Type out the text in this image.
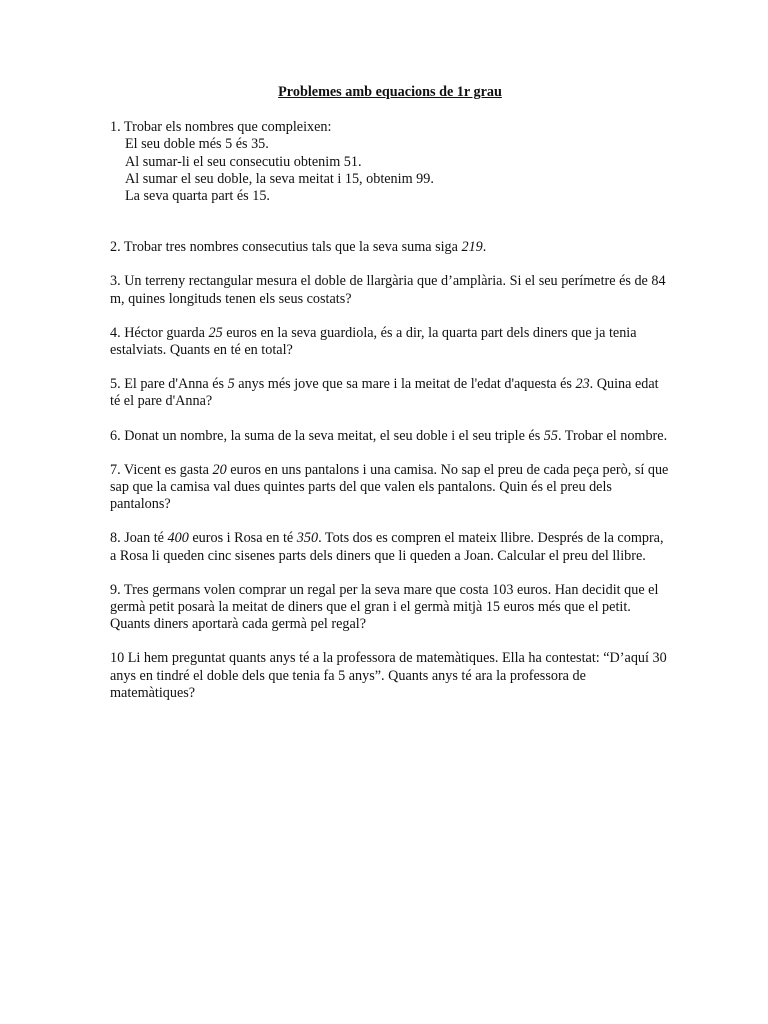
Problemes amb equacions de 1r grau

1. Trobar els nombres que compleixen:

El seu doble més 5 és 35.
Al sumar-li el seu consecutiu obtenim 51.
Al sumar el seu doble, la seva meitat i 15, obtenim 99.
La seva quarta part és 15.

2. Trobar tres nombres consecutius tals que la seva suma siga 219.

3. Un terreny rectangular mesura el doble de llargària que d’amplària. Si el seu perímetre és de 84 m, quines longituds tenen els seus costats?

4. Héctor guarda 25 euros en la seva guardiola, és a dir, la quarta part dels diners que ja tenia estalviats. Quants en té en total?

5. El pare d'Anna és 5 anys més jove que sa mare i la meitat de l'edat d'aquesta és 23. Quina edat té el pare d'Anna?

6. Donat un nombre, la suma de la seva meitat, el seu doble i el seu triple és 55. Trobar el nombre.

7. Vicent es gasta 20 euros en uns pantalons i una camisa. No sap el preu de cada peça però, sí que sap que la camisa val dues quintes parts del que valen els pantalons. Quin és el preu dels pantalons?

8. Joan té 400 euros i Rosa en té 350. Tots dos es compren el mateix llibre. Després de la compra, a Rosa li queden cinc sisenes parts dels diners que li queden a Joan. Calcular el preu del llibre.

9. Tres germans volen comprar un regal per la seva mare que costa 103 euros. Han decidit que el germà petit posarà la meitat de diners que el gran i el germà mitjà 15 euros més que el petit. Quants diners aportarà cada germà pel regal?

10 Li hem preguntat quants anys té a la professora de matemàtiques. Ella ha contestat: “D’aquí 30 anys en tindré el doble dels que tenia fa 5 anys”. Quants anys té ara la professora de matemàtiques?
